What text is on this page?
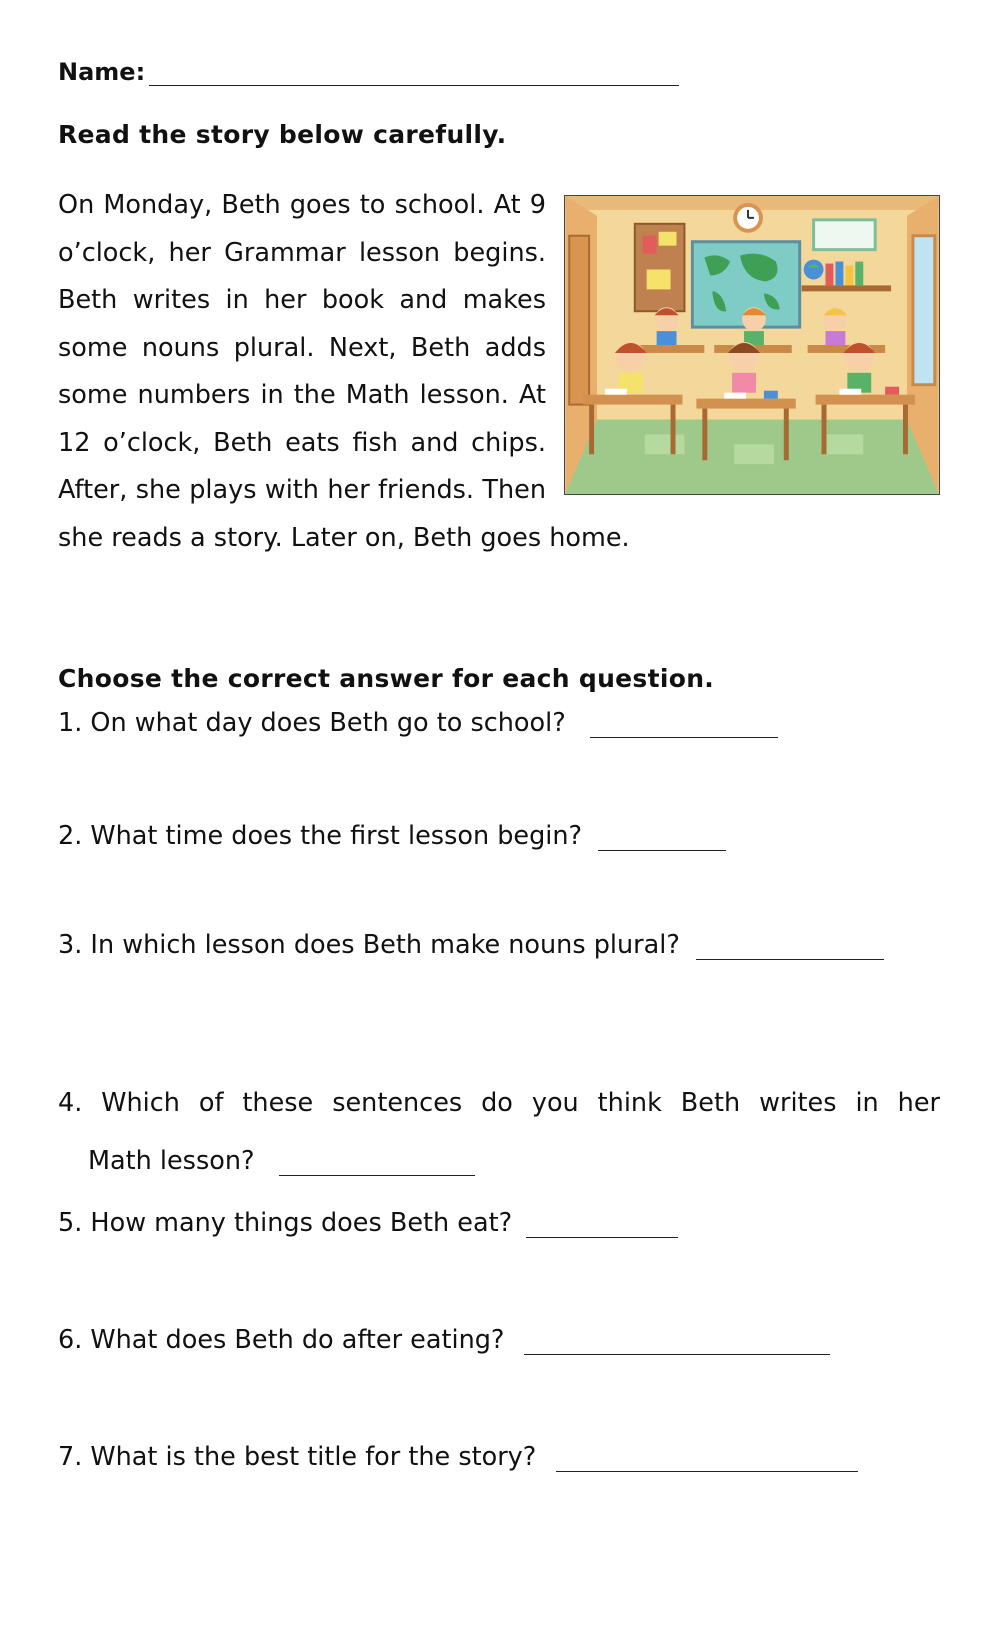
Name:
Read the story below carefully.
On Monday, Beth goes to school. At 9 o’clock, her Grammar lesson begins. Beth writes in her book and makes some nouns plural. Next, Beth adds some numbers in the Math lesson. At 12 o’clock, Beth eats fish and chips. After, she plays with her friends. Then she reads a story. Later on, Beth goes home.
Choose the correct answer for each question.
1. On what day does Beth go to school?
2. What time does the first lesson begin?
3. In which lesson does Beth make nouns plural?
4. Which of these sentences do you think Beth writes in her
Math lesson?
5. How many things does Beth eat?
6. What does Beth do after eating?
7. What is the best title for the story?
